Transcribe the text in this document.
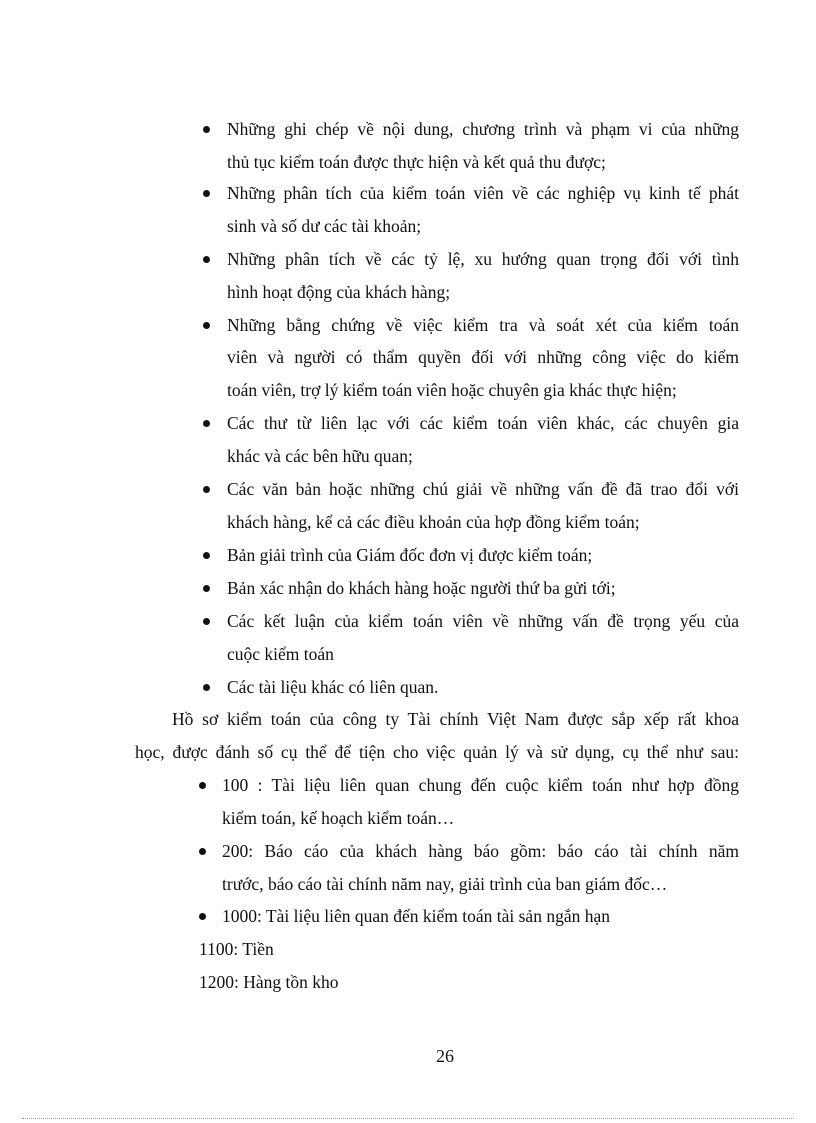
Những ghi chép về nội dung, chương trình và phạm vi của những
thủ tục kiểm toán được thực hiện và kết quả thu được;
Những phân tích của kiểm toán viên về các nghiệp vụ kinh tế phát
sinh và số dư các tài khoản;
Những phân tích về các tỷ lệ, xu hướng quan trọng đối với tình
hình hoạt động của khách hàng;
Những bằng chứng về việc kiểm tra và soát xét của kiểm toán
viên và người có thẩm quyền đối với những công việc do kiểm
toán viên, trợ lý kiểm toán viên hoặc chuyên gia khác thực hiện;
Các thư từ liên lạc với các kiểm toán viên khác, các chuyên gia
khác và các bên hữu quan;
Các văn bản hoặc những chú giải về những vấn đề đã trao đổi với
khách hàng, kể cả các điều khoản của hợp đồng kiểm toán;
Bản giải trình của Giám đốc đơn vị được kiểm toán;
Bản xác nhận do khách hàng hoặc người thứ ba gửi tới;
Các kết luận của kiểm toán viên về những vấn đề trọng yếu của
cuộc kiểm toán
Các tài liệu khác có liên quan.
Hồ sơ kiểm toán của công ty Tài chính Việt Nam được sắp xếp rất khoa
học, được đánh số cụ thể để tiện cho việc quản lý và sử dụng, cụ thể như sau:
100 : Tài liệu liên quan chung đến cuộc kiểm toán như hợp đồng
kiểm toán, kế hoạch kiểm toán…
200: Báo cáo của khách hàng báo gồm: báo cáo tài chính năm
trước, báo cáo tài chính năm nay, giải trình của ban giám đốc…
1000: Tài liệu liên quan đến kiểm toán tài sản ngắn hạn
1100: Tiền
1200: Hàng tồn kho
26
